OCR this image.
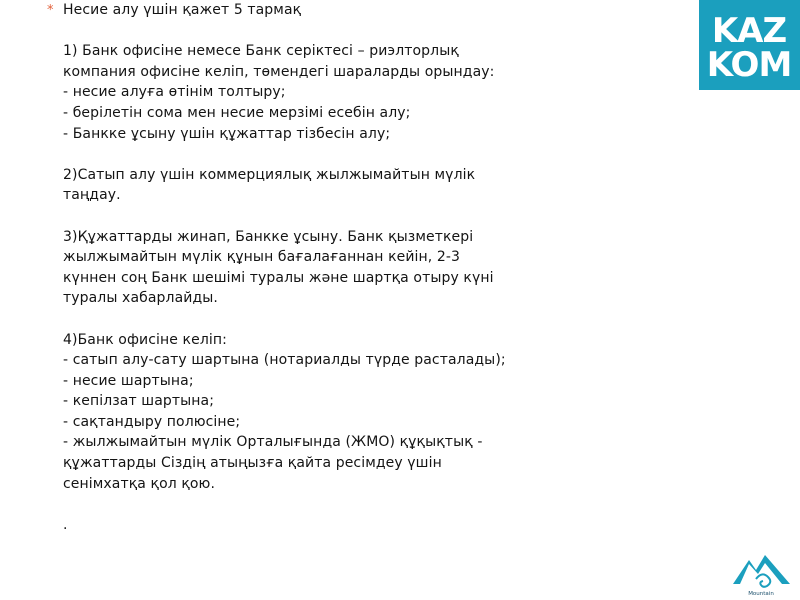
* Несие алу үшін қажет 5 тармақ
1) Банк офисіне немесе Банк серіктесі – риэлторлық
компания офисіне келіп, төмендегі шараларды орындау:
- несие алуға өтінім толтыру;
- берілетін сома мен несие мерзімі есебін алу;
- Банкке ұсыну үшін құжаттар тізбесін алу;
2)Сатып алу үшін коммерциялық жылжымайтын мүлік
таңдау.
3)Құжаттарды жинап, Банкке ұсыну. Банк қызметкері
жылжымайтын мүлік құнын бағалағаннан кейін, 2-3
күннен соң Банк шешімі туралы және шартқа отыру күні
туралы хабарлайды.
4)Банк офисіне келіп:
- сатып алу-сату шартына (нотариалды түрде расталады);
- несие шартына;
- кепілзат шартына;
- сақтандыру полюсіне;
- жылжымайтын мүлік Орталығында (ЖМО) құқықтық -
құжаттарды Сіздің атыңызға қайта ресімдеу үшін
сенімхатқа қол қою.
.
KAZ
KOM
Mountain
